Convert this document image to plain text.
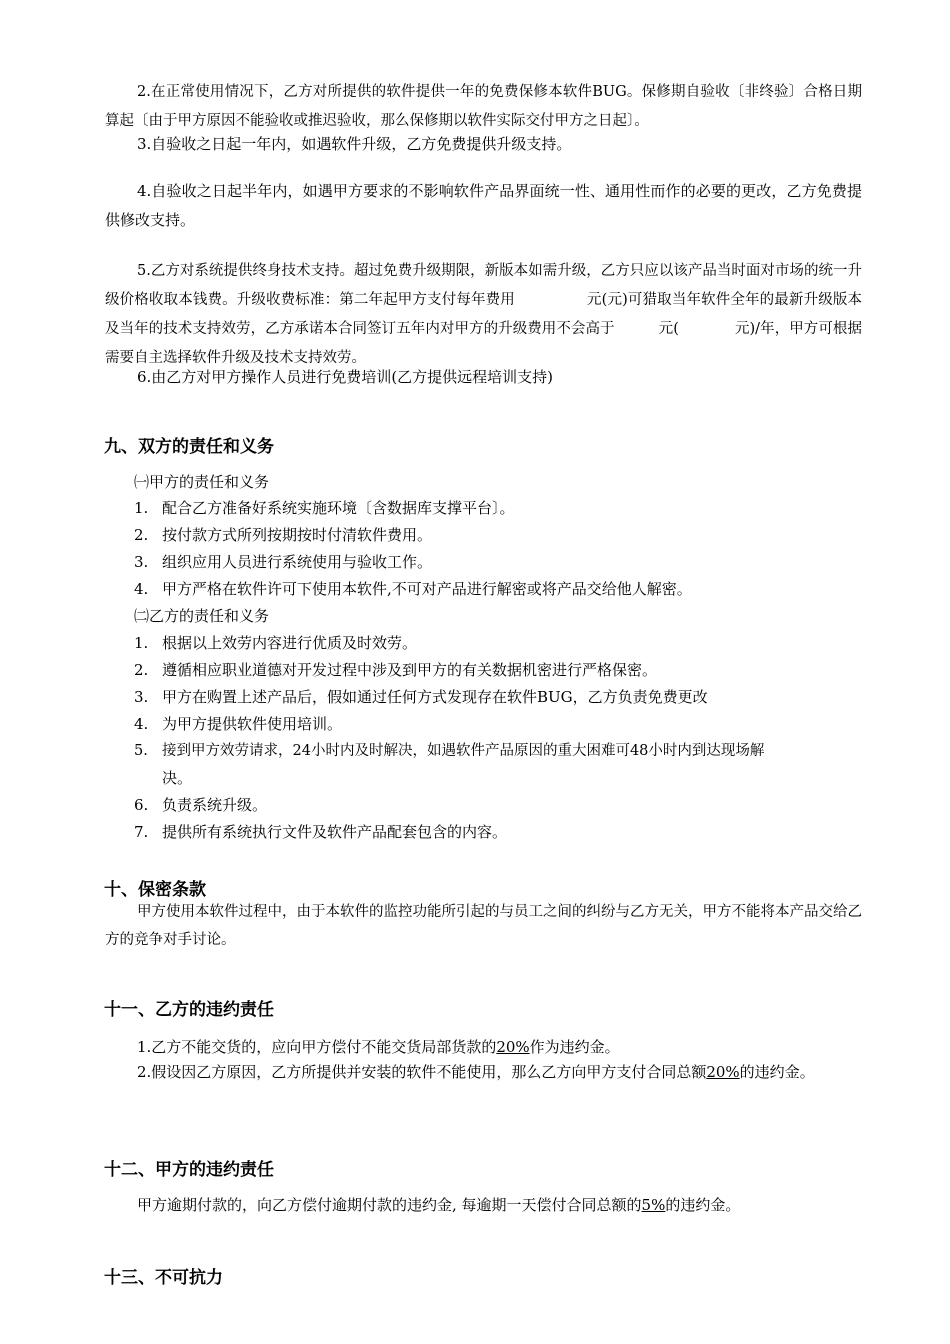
2.在正常使用情况下，乙方对所提供的软件提供一年的免费保修本软件BUG。保修期自验收〔非终验〕合格日期算起〔由于甲方原因不能验收或推迟验收，那么保修期以软件实际交付甲方之日起〕。
3.自验收之日起一年内，如遇软件升级，乙方免费提供升级支持。
4.自验收之日起半年内，如遇甲方要求的不影响软件产品界面统一性、通用性而作的必要的更改，乙方免费提供修改支持。
5.乙方对系统提供终身技术支持。超过免费升级期限，新版本如需升级，乙方只应以该产品当时面对市场的统一升级价格收取本钱费。升级收费标准：第二年起甲方支付每年费用	元(元)可猎取当年软件全年的最新升级版本及当年的技术支持效劳，乙方承诺本合同签订五年内对甲方的升级费用不会高于	元(	元)/年，甲方可根据需要自主选择软件升级及技术支持效劳。
6.由乙方对甲方操作人员进行免费培训(乙方提供远程培训支持)
九、双方的责任和义务
㈠甲方的责任和义务
1. 配合乙方准备好系统实施环境〔含数据库支撑平台〕。
2. 按付款方式所列按期按时付清软件费用。
3. 组织应用人员进行系统使用与验收工作。
4. 甲方严格在软件许可下使用本软件,不可对产品进行解密或将产品交给他人解密。
㈡乙方的责任和义务
1. 根据以上效劳内容进行优质及时效劳。
2. 遵循相应职业道德对开发过程中涉及到甲方的有关数据机密进行严格保密。
3. 甲方在购置上述产品后，假如通过任何方式发现存在软件BUG，乙方负责免费更改
4. 为甲方提供软件使用培训。
5. 接到甲方效劳请求，24小时内及时解决，如遇软件产品原因的重大困难可48小时内到达现场解
决。
6. 负责系统升级。
7. 提供所有系统执行文件及软件产品配套包含的内容。
十、保密条款
甲方使用本软件过程中，由于本软件的监控功能所引起的与员工之间的纠纷与乙方无关，甲方不能将本产品交给乙方的竞争对手讨论。
十一、乙方的违约责任
1.乙方不能交货的，应向甲方偿付不能交货局部货款的20%作为违约金。
2.假设因乙方原因，乙方所提供并安装的软件不能使用，那么乙方向甲方支付合同总额20%的违约金。
十二、甲方的违约责任
甲方逾期付款的，向乙方偿付逾期付款的违约金, 每逾期一天偿付合同总额的5%的违约金。
十三、不可抗力
